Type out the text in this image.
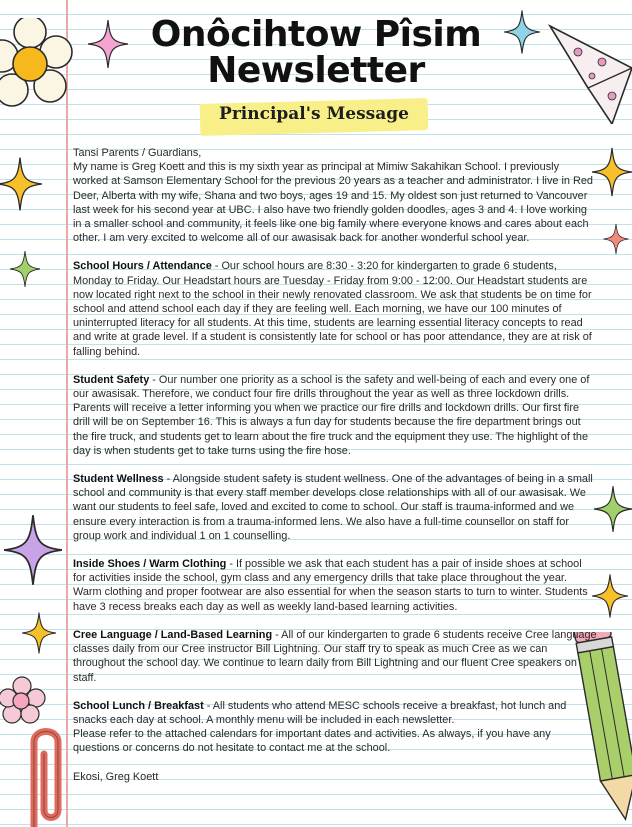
Onôcihtow Pîsim
Newsletter
Principal's Message

Tansi Parents / Guardians,
My name is Greg Koett and this is my sixth year as principal at Mimiw Sakahikan School. I previously worked at Samson Elementary School for the previous 20 years as a teacher and administrator. I live in Red Deer, Alberta with my wife, Shana and two boys, ages 19 and 15. My oldest son just returned to Vancouver last week for his second year at UBC. I also have two friendly golden doodles, ages 3 and 4. I love working in a smaller school and community, it feels like one big family where everyone knows and cares about each other. I am very excited to welcome all of our awasisak back for another wonderful school year.

School Hours / Attendance - Our school hours are 8:30 - 3:20 for kindergarten to grade 6 students, Monday to Friday. Our Headstart hours are Tuesday - Friday from 9:00 - 12:00. Our Headstart students are now located right next to the school in their newly renovated classroom. We ask that students be on time for school and attend school each day if they are feeling well. Each morning, we have our 100 minutes of uninterrupted literacy for all students. At this time, students are learning essential literacy concepts to read and write at grade level. If a student is consistently late for school or has poor attendance, they are at risk of falling behind.

Student Safety - Our number one priority as a school is the safety and well-being of each and every one of our awasisak. Therefore, we conduct four fire drills throughout the year as well as three lockdown drills. Parents will receive a letter informing you when we practice our fire drills and lockdown drills. Our first fire drill will be on September 16. This is always a fun day for students because the fire department brings out the fire truck, and students get to learn about the fire truck and the equipment they use. The highlight of the day is when students get to take turns using the fire hose.

Student Wellness - Alongside student safety is student wellness. One of the advantages of being in a small school and community is that every staff member develops close relationships with all of our awasisak. We want our students to feel safe, loved and excited to come to school. Our staff is trauma-informed and we ensure every interaction is from a trauma-informed lens. We also have a full-time counsellor on staff for group work and individual 1 on 1 counselling.

Inside Shoes / Warm Clothing - If possible we ask that each student has a pair of inside shoes at school for activities inside the school, gym class and any emergency drills that take place throughout the year. Warm clothing and proper footwear are also essential for when the season starts to turn to winter. Students have 3 recess breaks each day as well as weekly land-based learning activities.

Cree Language / Land-Based Learning - All of our kindergarten to grade 6 students receive Cree language classes daily from our Cree instructor Bill Lightning. Our staff try to speak as much Cree as we can throughout the school day. We continue to learn daily from Bill Lightning and our fluent Cree speakers on staff.

School Lunch / Breakfast - All students who attend MESC schools receive a breakfast, hot lunch and snacks each day at school. A monthly menu will be included in each newsletter.
Please refer to the attached calendars for important dates and activities. As always, if you have any questions or concerns do not hesitate to contact me at the school.

Ekosi, Greg Koett
